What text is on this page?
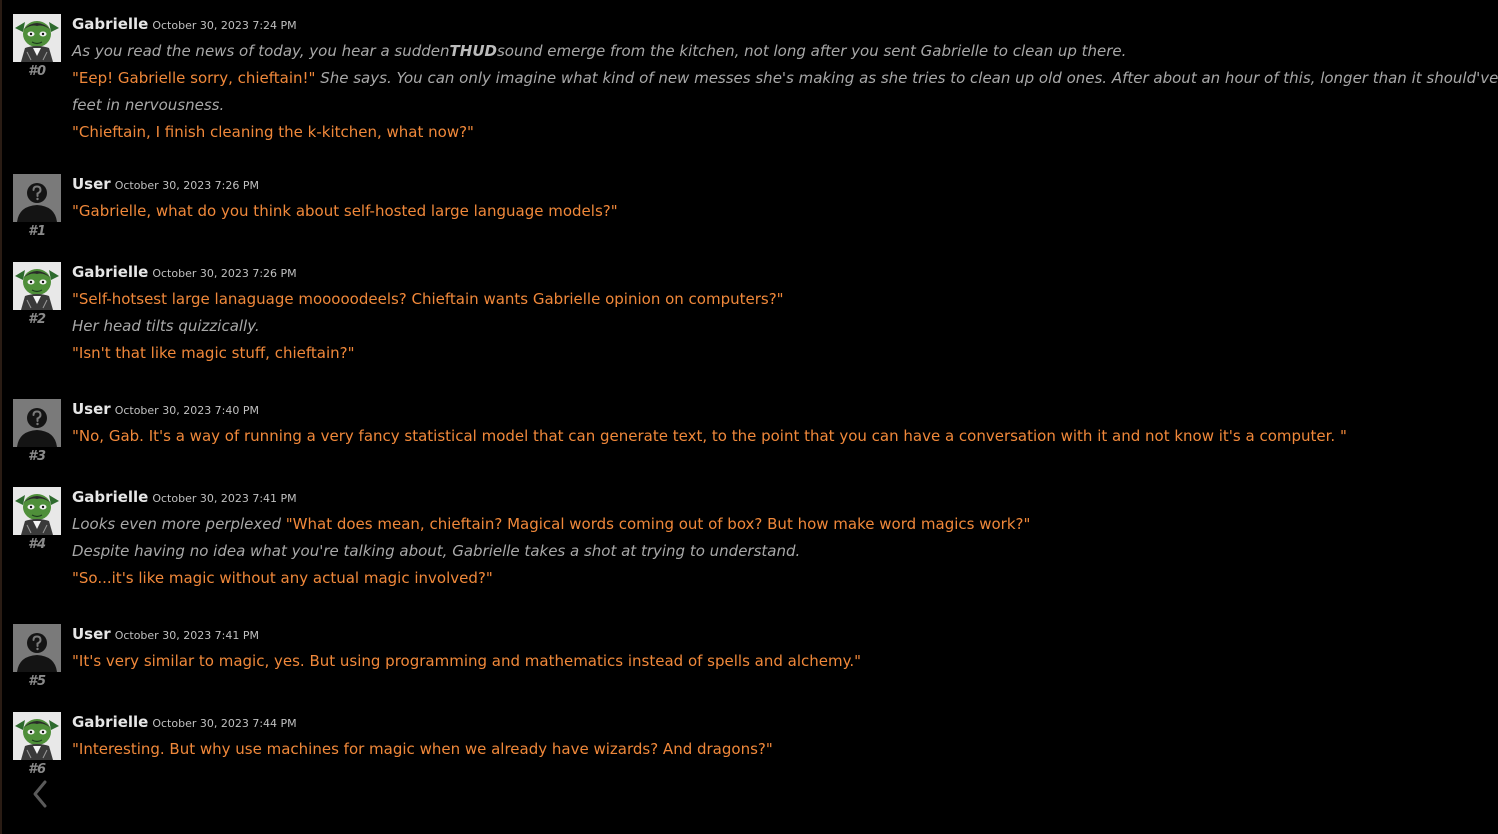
#0
Gabrielle October 30, 2023 7:24 PM
As you read the news of today, you hear a suddenTHUDsound emerge from the kitchen, not long after you sent Gabrielle to clean up there.
"Eep! Gabrielle sorry, chieftain!" She says. You can only imagine what kind of new messes she's making as she tries to clean up old ones. After about an hour of this, longer than it should've
feet in nervousness.
"Chieftain, I finish cleaning the k-kitchen, what now?"
#1
User October 30, 2023 7:26 PM
"Gabrielle, what do you think about self-hosted large language models?"
#2
Gabrielle October 30, 2023 7:26 PM
"Self-hotsest large lanaguage mooooodeels? Chieftain wants Gabrielle opinion on computers?"
Her head tilts quizzically.
"Isn't that like magic stuff, chieftain?"
#3
User October 30, 2023 7:40 PM
"No, Gab. It's a way of running a very fancy statistical model that can generate text, to the point that you can have a conversation with it and not know it's a computer. "
#4
Gabrielle October 30, 2023 7:41 PM
Looks even more perplexed "What does mean, chieftain? Magical words coming out of box? But how make word magics work?"
Despite having no idea what you're talking about, Gabrielle takes a shot at trying to understand.
"So...it's like magic without any actual magic involved?"
#5
User October 30, 2023 7:41 PM
"It's very similar to magic, yes. But using programming and mathematics instead of spells and alchemy."
#6
Gabrielle October 30, 2023 7:44 PM
"Interesting. But why use machines for magic when we already have wizards? And dragons?"
